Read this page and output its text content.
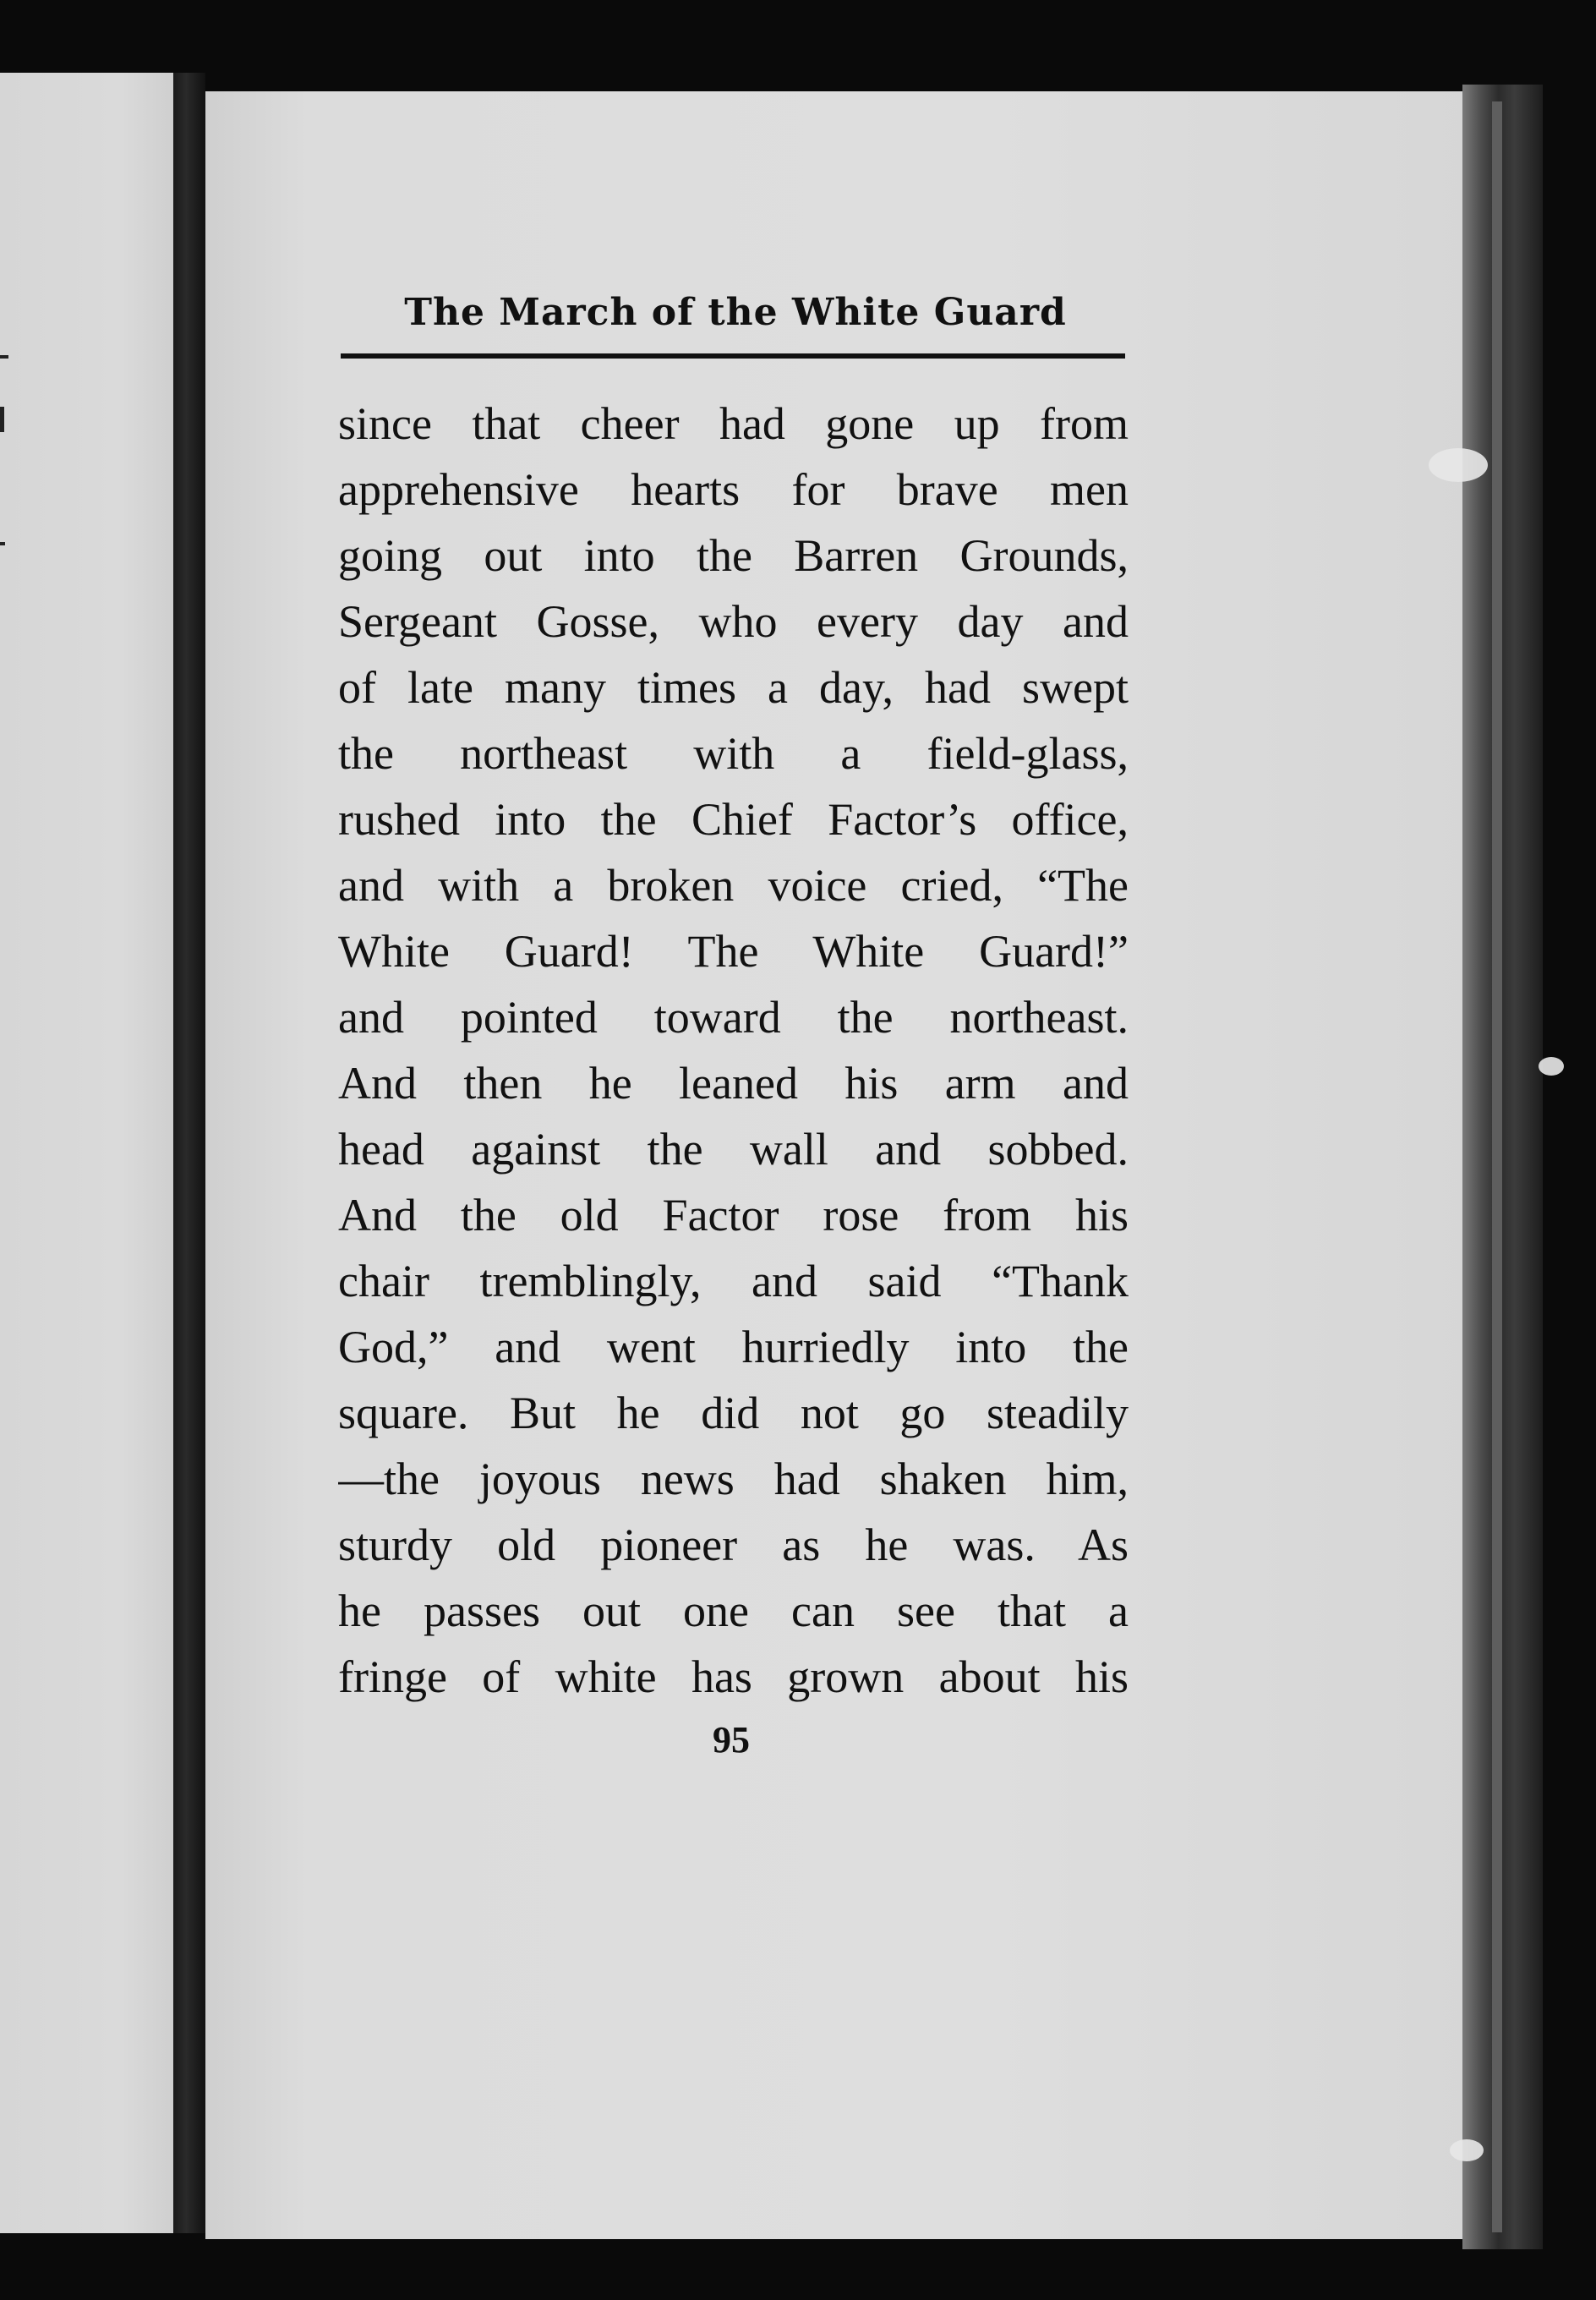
The March of the White Guard
since that cheer had gone up from
apprehensive hearts for brave men
going out into the Barren Grounds,
Sergeant Gosse, who every day and
of late many times a day, had swept
the northeast with a field-glass,
rushed into the Chief Factor’s office,
and with a broken voice cried, “The
White Guard! The White Guard!”
and pointed toward the northeast.
And then he leaned his arm and
head against the wall and sobbed.
And the old Factor rose from his
chair tremblingly, and said “Thank
God,” and went hurriedly into the
square. But he did not go steadily
—the joyous news had shaken him,
sturdy old pioneer as he was. As
he passes out one can see that a
fringe of white has grown about his
95
